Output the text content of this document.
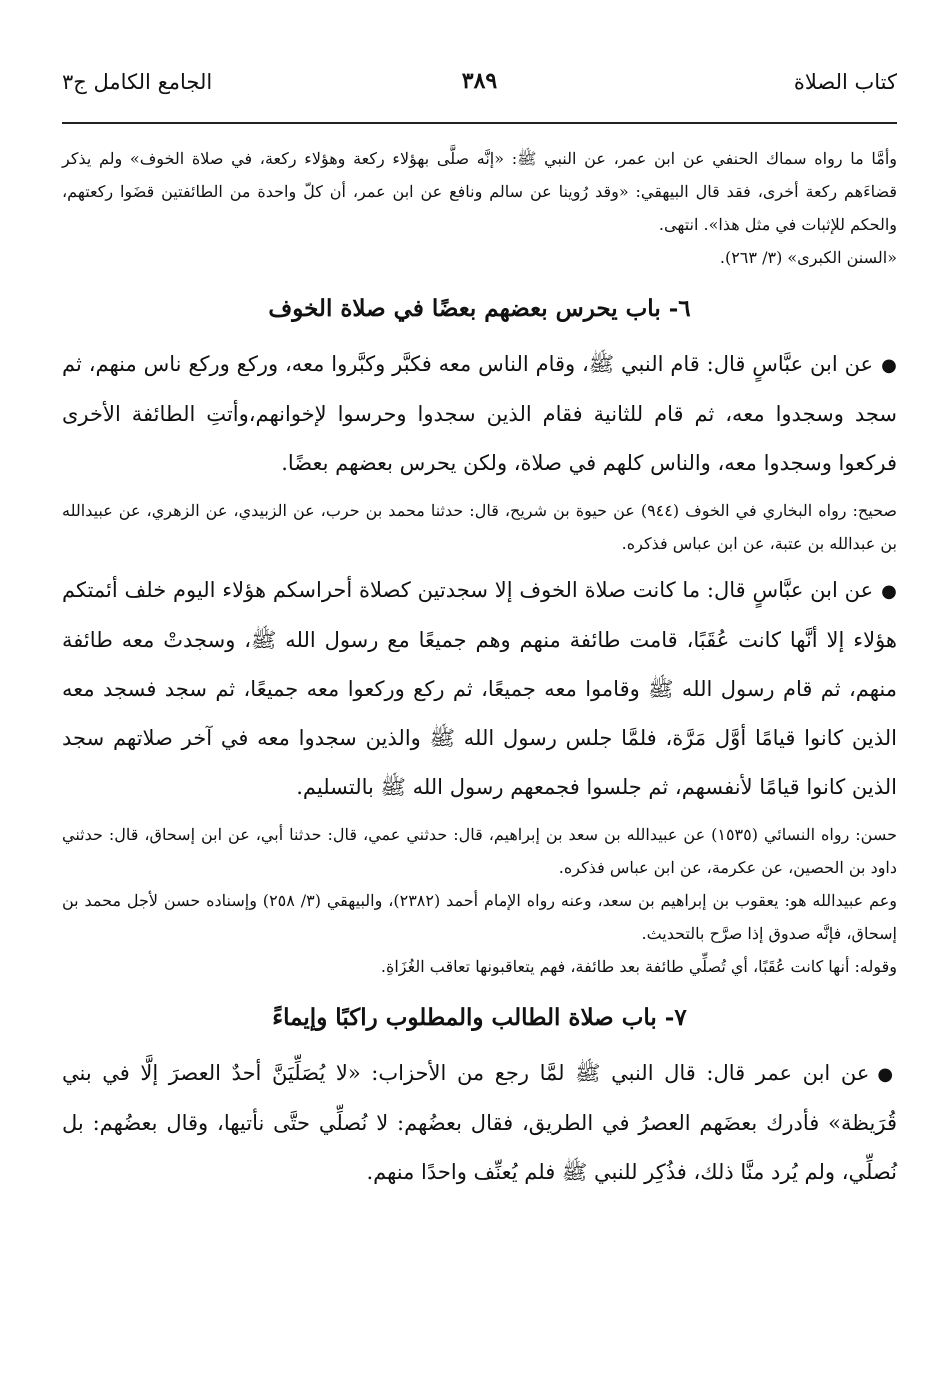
كتاب الصلاة
٣٨٩
الجامع الكامل ج٣

وأمَّا ما رواه سماك الحنفي عن ابن عمر، عن النبي ﷺ: «إنَّه صلَّى بهؤلاء ركعة وهؤلاء ركعة، في صلاة الخوف» ولم يذكر قضاءَهم ركعة أخرى، فقد قال البيهقي: «وقد رُوينا عن سالم ونافع عن ابن عمر، أن كلّ واحدة من الطائفتين قضَوا ركعتهم، والحكم للإثبات في مثل هذا». انتهى.

«السنن الكبرى» (٣/ ٢٦٣).

٦- باب يحرس بعضهم بعضًا في صلاة الخوف

●عن ابن عبَّاسٍ قال: قام النبي ﷺ، وقام الناس معه فكبَّر وكبَّروا معه، وركع وركع ناس منهم، ثم سجد وسجدوا معه، ثم قام للثانية فقام الذين سجدوا وحرسوا لإخوانهم،وأتتِ الطائفة الأخرى فركعوا وسجدوا معه، والناس كلهم في صلاة، ولكن يحرس بعضهم بعضًا.

صحيح: رواه البخاري في الخوف (٩٤٤) عن حيوة بن شريح، قال: حدثنا محمد بن حرب، عن الزبيدي، عن الزهري، عن عبيدالله بن عبدالله بن عتبة، عن ابن عباس فذكره.

●عن ابن عبَّاسٍ قال: ما كانت صلاة الخوف إلا سجدتين كصلاة أحراسكم هؤلاء اليوم خلف أئمتكم هؤلاء إلا أنَّها كانت عُقَبًا، قامت طائفة منهم وهم جميعًا مع رسول الله ﷺ، وسجدتْ معه طائفة منهم، ثم قام رسول الله ﷺ وقاموا معه جميعًا، ثم ركع وركعوا معه جميعًا، ثم سجد فسجد معه الذين كانوا قيامًا أوَّل مَرَّة، فلمَّا جلس رسول الله ﷺ والذين سجدوا معه في آخر صلاتهم سجد الذين كانوا قيامًا لأنفسهم، ثم جلسوا فجمعهم رسول الله ﷺ بالتسليم.

حسن: رواه النسائي (١٥٣٥) عن عبيدالله بن سعد بن إبراهيم، قال: حدثني عمي، قال: حدثنا أبي، عن ابن إسحاق، قال: حدثني داود بن الحصين، عن عكرمة، عن ابن عباس فذكره.

وعم عبيدالله هو: يعقوب بن إبراهيم بن سعد، وعنه رواه الإمام أحمد (٢٣٨٢)، والبيهقي (٣/ ٢٥٨) وإسناده حسن لأجل محمد بن إسحاق، فإنَّه صدوق إذا صرَّح بالتحديث.

وقوله: أنها كانت عُقَبًا، أي تُصلِّي طائفة بعد طائفة، فهم يتعاقبونها تعاقب الغُزَاةِ.

٧- باب صلاة الطالب والمطلوب راكبًا وإيماءً

●عن ابن عمر قال: قال النبي ﷺ لمَّا رجع من الأحزاب: «لا يُصَلِّيَنَّ أحدٌ العصرَ إلَّا في بني قُرَيظة» فأدرك بعضَهم العصرُ في الطريق، فقال بعضُهم: لا نُصلِّي حتَّى نأتيها، وقال بعضُهم: بل نُصلِّي، ولم يُرد منَّا ذلك، فذُكِر للنبي ﷺ فلم يُعنِّف واحدًا منهم.
